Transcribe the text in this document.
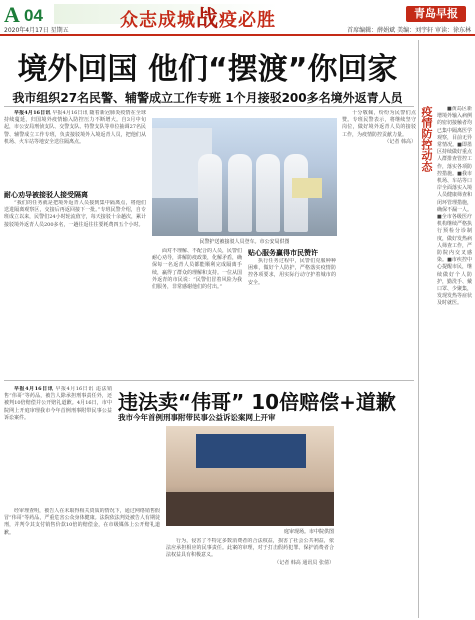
A 04	众志成城战疫必胜	青岛早报
2020年4月17日 星期五	首席编辑：薛娟斌 美编：刘宇轩 审读：徐东林
境外回国 他们“摆渡”你回家
我市组织27名民警、辅警成立工作专班 1个月接驳200多名境外返青人员

早报4月16日讯 早报4月16日讯 随着新冠肺炎疫情在全球持续蔓延，归国境外疫情输入防控压力不断增大。自3月中旬起，市公安局刑侦支队、交警支队、特警支队等单位抽调27名民警、辅警成立工作专班，负责接驳境外入境返青人员，把他们从机场、火车站等地安全送往隔离点。

耐心劝导被接驳人接受隔离

“我们的任务就是把境外返青人员接到集中隔离点，将他们送进隔离观察区，交接后再返回接下一批。”专班民警介绍，自专班成立以来，民警们24小时轮流值守，每天接驳十余趟次，累计接驳境外返青人员200多名，一趟往返往往要耗费四五个小时。

民警护送被接驳人员登车。市公安局供图

面对不理解、不配合的人员，民警们耐心劝导，讲解防疫政策，化解矛盾，确保每一名返青人员都能顺利完成隔离手续，赢得了群众的理解和支持。一位从国外返青的市民说：“民警们冒着风险为我们服务，非常感谢他们的付出。”

贴心服务赢得市民赞许

执行任务过程中，民警们克服种种困难，做好个人防护，严格落实疫情防控各项要求，用实际行动守护着城市的安全。

十分敬佩，纷纷为民警们点赞。专班民警表示，将继续坚守岗位，做好境外返青人员的接驳工作，为疫情防控贡献力量。

（记者 韩高）

早报4月16日讯 早报4月16日讯 违法销售“伟哥”等药品，被告人除承担刑事责任外，还被判10倍赔偿并公开赔礼道歉。4月16日，市中院网上开庭审理我市今年首例刑事附带民事公益诉讼案件。

违法卖“伟哥” 10倍赔偿+道歉
我市今年首例刑事附带民事公益诉讼案网上开审

经审理查明，被告人在未取得相关资质的情况下，通过网络销售假冒“伟哥”等药品，严重危害公众身体健康。法院依法判处被告人有期徒刑，并判令其支付销售价款10倍的赔偿金，在市级媒体上公开赔礼道歉。	庭审现场。市中院供图

行为，侵害了不特定多数消费者的合法权益，损害了社会公共利益，依法应承担相应的民事责任。此案的审理，对于打击假药犯罪、保护消费者合法权益具有积极意义。

（记者 韩高 通讯员 张倩）

疫情防控动态	■黄岛区新增境外输入病例的密切接触者均已集中隔离医学观察，目前无异常情况。■即墨区持续做好重点人群排查管控工作，落实各项防控措施。■我市机场、车站等口岸全面落实入境人员健康筛查和闭环管理措施，确保不漏一人。■全市各级医疗机构继续严格执行预检分诊制度，做好发热病人筛查工作，严防院内交叉感染。■市疾控中心提醒市民，继续做好个人防护，勤洗手、戴口罩、少聚集，发现发热等症状及时就医。
